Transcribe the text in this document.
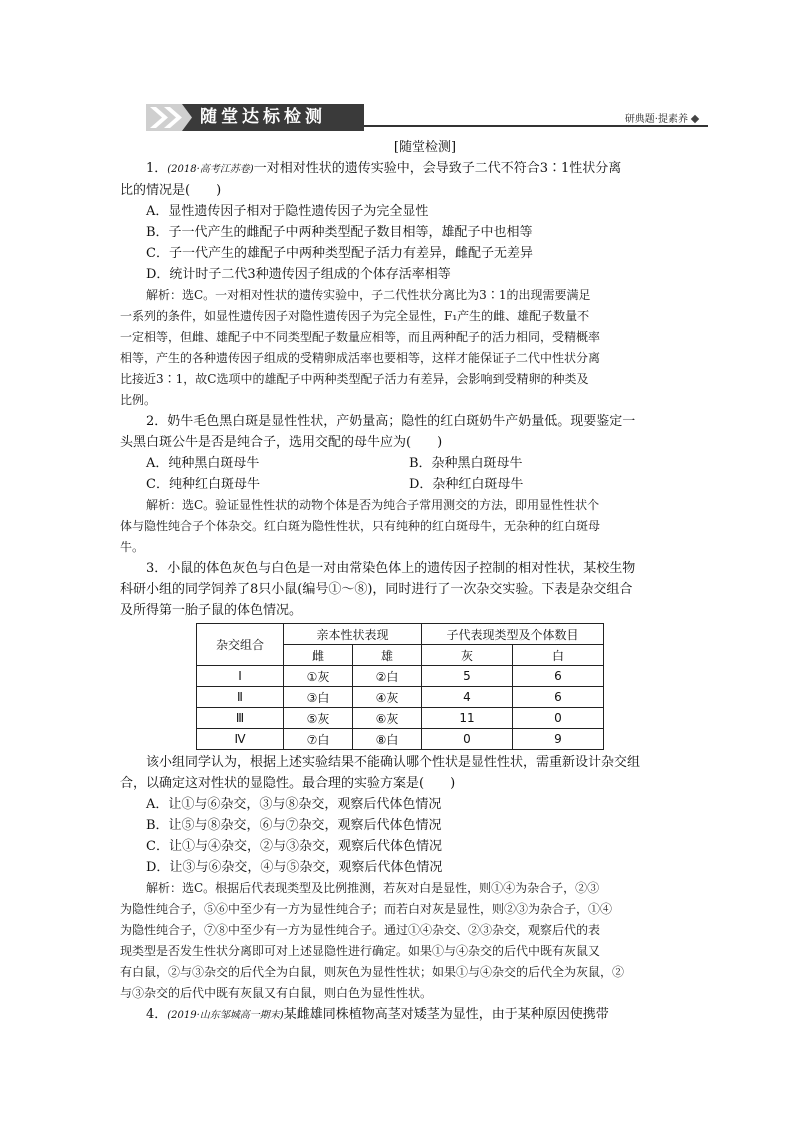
随堂达标检测	研典题·提素养
[随堂检测]

1．(2018·高考江苏卷)一对相对性状的遗传实验中，会导致子二代不符合3∶1性状分离

比的情况是(　　)

A．显性遗传因子相对于隐性遗传因子为完全显性

B．子一代产生的雌配子中两种类型配子数目相等，雄配子中也相等

C．子一代产生的雄配子中两种类型配子活力有差异，雌配子无差异

D．统计时子二代3种遗传因子组成的个体存活率相等

解析：选C。一对相对性状的遗传实验中，子二代性状分离比为3∶1的出现需要满足

一系列的条件，如显性遗传因子对隐性遗传因子为完全显性，F₁产生的雌、雄配子数量不

一定相等，但雌、雄配子中不同类型配子数量应相等，而且两种配子的活力相同，受精概率

相等，产生的各种遗传因子组成的受精卵成活率也要相等，这样才能保证子二代中性状分离

比接近3∶1，故C选项中的雄配子中两种类型配子活力有差异，会影响到受精卵的种类及

比例。

2．奶牛毛色黑白斑是显性性状，产奶量高；隐性的红白斑奶牛产奶量低。现要鉴定一

头黑白斑公牛是否是纯合子，选用交配的母牛应为(　　)

A．纯种黑白斑母牛	B．杂种黑白斑母牛

C．纯种红白斑母牛	D．杂种红白斑母牛

解析：选C。验证显性性状的动物个体是否为纯合子常用测交的方法，即用显性性状个

体与隐性纯合子个体杂交。红白斑为隐性性状，只有纯种的红白斑母牛，无杂种的红白斑母

牛。

3．小鼠的体色灰色与白色是一对由常染色体上的遗传因子控制的相对性状，某校生物

科研小组的同学饲养了8只小鼠(编号①～⑧)，同时进行了一次杂交实验。下表是杂交组合

及所得第一胎子鼠的体色情况。

杂交组合	亲本性状表现		子代表现类型及个体数目	
	雌	雄	灰	白
Ⅰ	①灰	②白	5	6
Ⅱ	③白	④灰	4	6
Ⅲ	⑤灰	⑥灰	11	0
Ⅳ	⑦白	⑧白	0	9

该小组同学认为，根据上述实验结果不能确认哪个性状是显性性状，需重新设计杂交组

合，以确定这对性状的显隐性。最合理的实验方案是(　　)

A．让①与⑥杂交，③与⑧杂交，观察后代体色情况

B．让⑤与⑧杂交，⑥与⑦杂交，观察后代体色情况

C．让①与④杂交，②与③杂交，观察后代体色情况

D．让③与⑥杂交，④与⑤杂交，观察后代体色情况

解析：选C。根据后代表现类型及比例推测，若灰对白是显性，则①④为杂合子，②③

为隐性纯合子，⑤⑥中至少有一方为显性纯合子；而若白对灰是显性，则②③为杂合子，①④

为隐性纯合子，⑦⑧中至少有一方为显性纯合子。通过①④杂交、②③杂交，观察后代的表

现类型是否发生性状分离即可对上述显隐性进行确定。如果①与④杂交的后代中既有灰鼠又

有白鼠，②与③杂交的后代全为白鼠，则灰色为显性性状；如果①与④杂交的后代全为灰鼠，②

与③杂交的后代中既有灰鼠又有白鼠，则白色为显性性状。

4．(2019·山东邹城高一期末)某雌雄同株植物高茎对矮茎为显性，由于某种原因使携带
